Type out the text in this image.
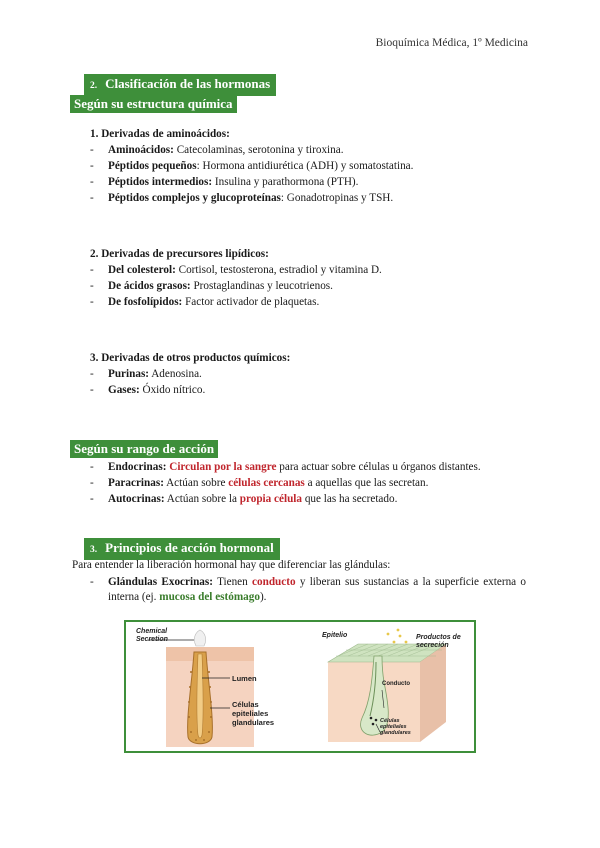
Bioquímica Médica, 1º Medicina
2. Clasificación de las hormonas
Según su estructura química
1. Derivadas de aminoácidos:
- Aminoácidos: Catecolaminas, serotonina y tiroxina.
- Péptidos pequeños: Hormona antidiurética (ADH) y somatostatina.
- Péptidos intermedios: Insulina y parathormona (PTH).
- Péptidos complejos y glucoproteínas: Gonadotropinas y TSH.
2. Derivadas de precursores lipídicos:
- Del colesterol: Cortisol, testosterona, estradiol y vitamina D.
- De ácidos grasos: Prostaglandinas y leucotrienos.
- De fosfolípidos: Factor activador de plaquetas.
3. Derivadas de otros productos químicos:
- Purinas: Adenosina.
- Gases: Óxido nítrico.
Según su rango de acción
- Endocrinas: Circulan por la sangre para actuar sobre células u órganos distantes.
- Paracrinas: Actúan sobre células cercanas a aquellas que las secretan.
- Autocrinas: Actúan sobre la propia célula que las ha secretado.
3. Principios de acción hormonal
Para entender la liberación hormonal hay que diferenciar las glándulas:
- Glándulas Exocrinas: Tienen conducto y liberan sus sustancias a la superficie externa o interna (ej. mucosa del estómago).
Chemical Secretion
Lumen
Células epiteliales glandulares
Epitelio	Productos de secreción
Conducto
Células epiteliales glandulares
